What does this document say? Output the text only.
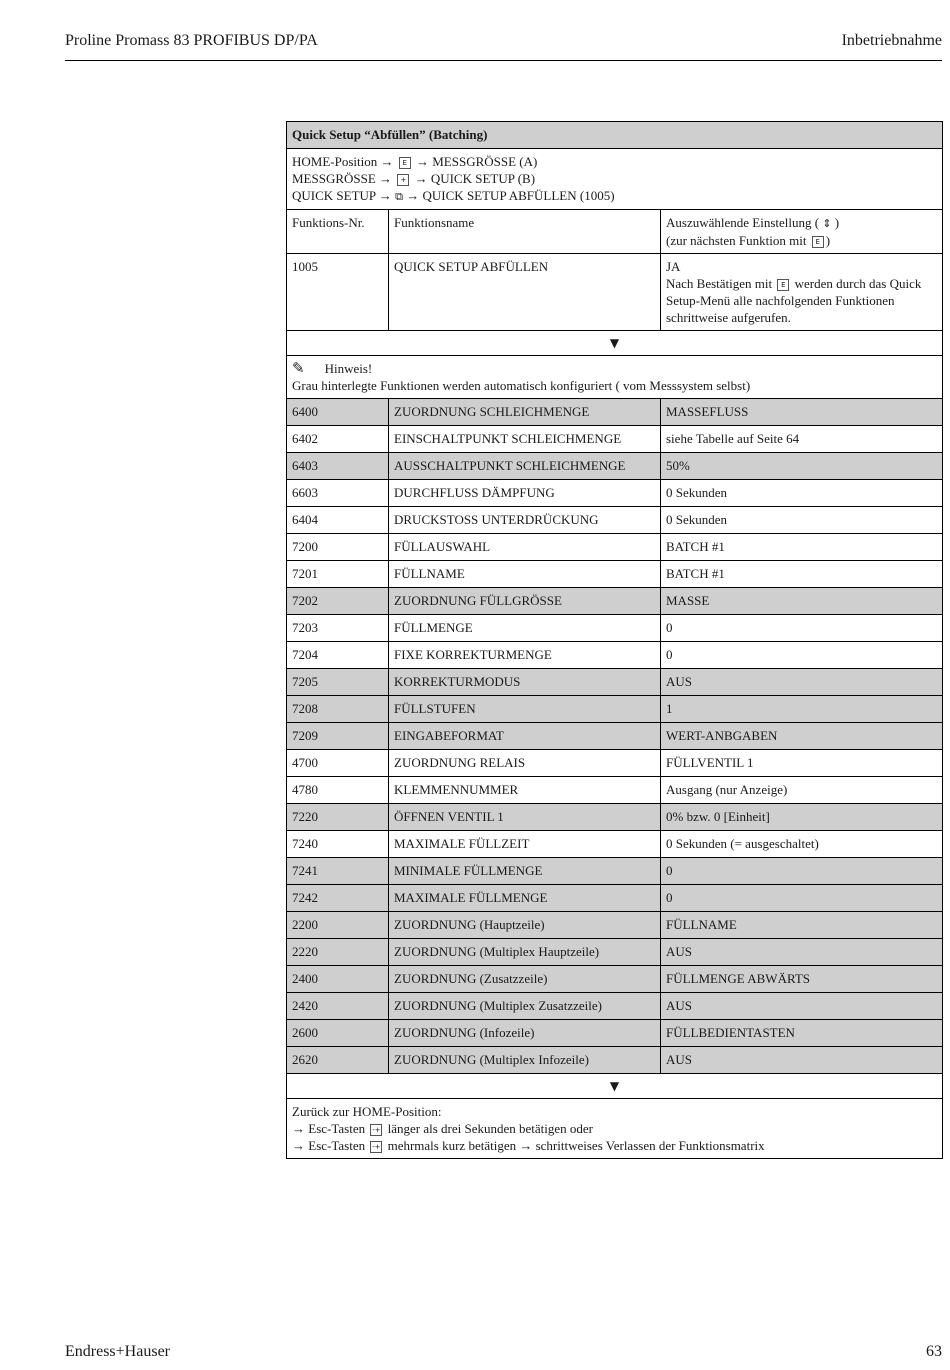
Proline Promass 83 PROFIBUS DP/PA	Inbetriebnahme
Quick Setup “Abfüllen” (Batching)		

HOME-Position → E → MESSGRÖSSE (A)
MESSGRÖSSE → + → QUICK SETUP (B)
QUICK SETUP → ⧉ → QUICK SETUP ABFÜLLEN (1005)		

Funktions-Nr.	Funktionsname	Auszuwählende Einstellung ( ⇕ )
(zur nächsten Funktion mit E )

1005	QUICK SETUP ABFÜLLEN	JA
Nach Bestätigen mit E werden durch das Quick Setup-Menü alle nachfolgenden Funktionen schrittweise aufgerufen.

▼		

✎ Hinweis!
Grau hinterlegte Funktionen werden automatisch konfiguriert ( vom Messsystem selbst)		

6400	ZUORDNUNG SCHLEICHMENGE	MASSEFLUSS
6402	EINSCHALTPUNKT SCHLEICHMENGE	siehe Tabelle auf Seite 64
6403	AUSSCHALTPUNKT SCHLEICHMENGE	50%
6603	DURCHFLUSS DÄMPFUNG	0 Sekunden
6404	DRUCKSTOSS UNTERDRÜCKUNG	0 Sekunden
7200	FÜLLAUSWAHL	BATCH #1
7201	FÜLLNAME	BATCH #1
7202	ZUORDNUNG FÜLLGRÖSSE	MASSE
7203	FÜLLMENGE	0
7204	FIXE KORREKTURMENGE	0
7205	KORREKTURMODUS	AUS
7208	FÜLLSTUFEN	1
7209	EINGABEFORMAT	WERT-ANBGABEN
4700	ZUORDNUNG RELAIS	FÜLLVENTIL 1
4780	KLEMMENNUMMER	Ausgang (nur Anzeige)
7220	ÖFFNEN VENTIL 1	0% bzw. 0 [Einheit]
7240	MAXIMALE FÜLLZEIT	0 Sekunden (= ausgeschaltet)
7241	MINIMALE FÜLLMENGE	0
7242	MAXIMALE FÜLLMENGE	0
2200	ZUORDNUNG (Hauptzeile)	FÜLLNAME
2220	ZUORDNUNG (Multiplex Hauptzeile)	AUS
2400	ZUORDNUNG (Zusatzzeile)	FÜLLMENGE ABWÄRTS
2420	ZUORDNUNG (Multiplex Zusatzzeile)	AUS
2600	ZUORDNUNG (Infozeile)	FÜLLBEDIENTASTEN
2620	ZUORDNUNG (Multiplex Infozeile)	AUS
▼		

Zurück zur HOME-Position:
→ Esc-Tasten -+ länger als drei Sekunden betätigen oder
→ Esc-Tasten -+ mehrmals kurz betätigen → schrittweises Verlassen der Funktionsmatrix		
Endress+Hauser	63
